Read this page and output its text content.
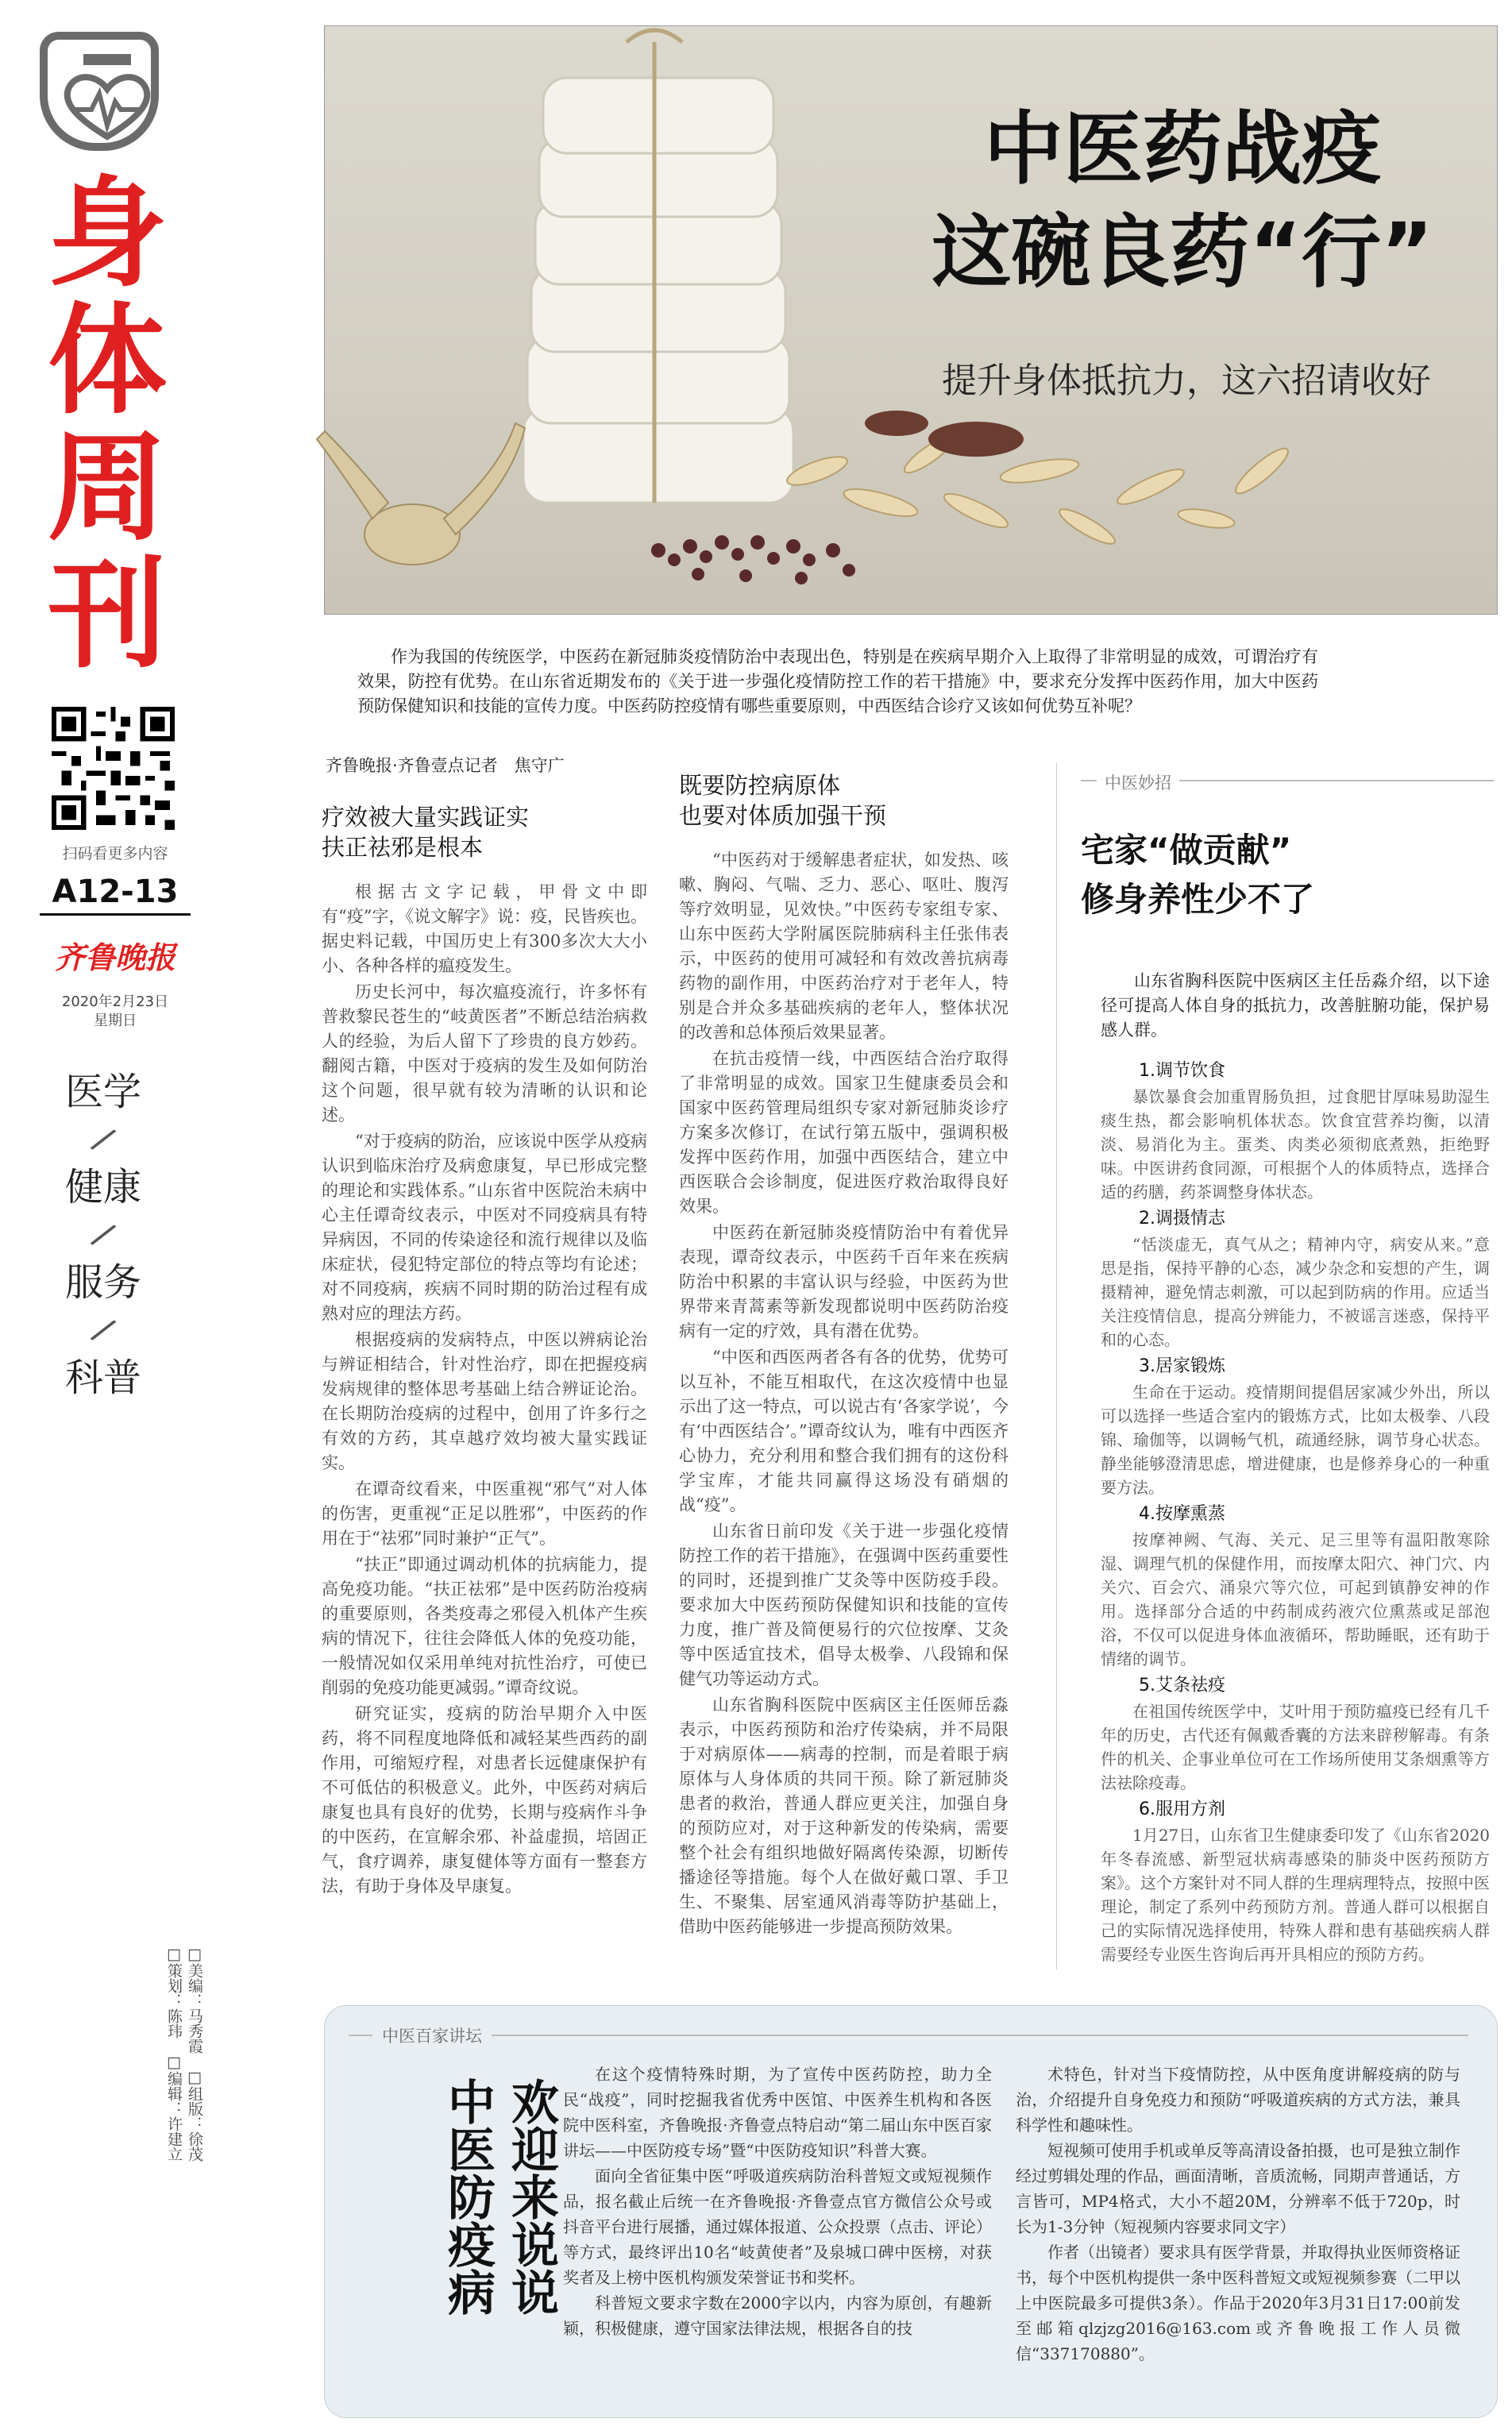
身
体
周
刊
扫码看更多内容
A12-13
齐鲁晚报
2020年2月23日
星期日
医学
/
健康
/
服务
/
科普
□美编：马秀霞　□组版：徐茂　□策划：陈玮　□编辑：许建立
中医药战疫
这碗良药“行”
提升身体抵抗力，这六招请收好
作为我国的传统医学，中医药在新冠肺炎疫情防治中表现出色，特别是在疾病早期介入上取得了非常明显的成效，可谓治疗有效果，防控有优势。在山东省近期发布的《关于进一步强化疫情防控工作的若干措施》中，要求充分发挥中医药作用，加大中医药预防保健知识和技能的宣传力度。中医药防控疫情有哪些重要原则，中西医结合诊疗又该如何优势互补呢？
齐鲁晚报·齐鲁壹点记者　焦守广
疗效被大量实践证实
扶正祛邪是根本

根据古文字记载，甲骨文中即有“疫”字，《说文解字》说：疫，民皆疾也。据史料记载，中国历史上有300多次大大小小、各种各样的瘟疫发生。

历史长河中，每次瘟疫流行，许多怀有普救黎民苍生的“岐黄医者”不断总结治病救人的经验，为后人留下了珍贵的良方妙药。翻阅古籍，中医对于疫病的发生及如何防治这个问题，很早就有较为清晰的认识和论述。

“对于疫病的防治，应该说中医学从疫病认识到临床治疗及病愈康复，早已形成完整的理论和实践体系。”山东省中医院治未病中心主任谭奇纹表示，中医对不同疫病具有特异病因，不同的传染途径和流行规律以及临床症状，侵犯特定部位的特点等均有论述；对不同疫病，疾病不同时期的防治过程有成熟对应的理法方药。

根据疫病的发病特点，中医以辨病论治与辨证相结合，针对性治疗，即在把握疫病发病规律的整体思考基础上结合辨证论治。在长期防治疫病的过程中，创用了许多行之有效的方药，其卓越疗效均被大量实践证实。

在谭奇纹看来，中医重视“邪气”对人体的伤害，更重视“正足以胜邪”，中医药的作用在于“祛邪”同时兼护“正气”。

“扶正”即通过调动机体的抗病能力，提高免疫功能。“扶正祛邪”是中医药防治疫病的重要原则，各类疫毒之邪侵入机体产生疾病的情况下，往往会降低人体的免疫功能，一般情况如仅采用单纯对抗性治疗，可使已削弱的免疫功能更减弱。”谭奇纹说。

研究证实，疫病的防治早期介入中医药，将不同程度地降低和减轻某些西药的副作用，可缩短疗程，对患者长远健康保护有不可低估的积极意义。此外，中医药对病后康复也具有良好的优势，长期与疫病作斗争的中医药，在宣解余邪、补益虚损，培固正气，食疗调养，康复健体等方面有一整套方法，有助于身体及早康复。

既要防控病原体
也要对体质加强干预

“中医药对于缓解患者症状，如发热、咳嗽、胸闷、气喘、乏力、恶心、呕吐、腹泻等疗效明显，见效快。”中医药专家组专家、山东中医药大学附属医院肺病科主任张伟表示，中医药的使用可减轻和有效改善抗病毒药物的副作用，中医药治疗对于老年人，特别是合并众多基础疾病的老年人，整体状况的改善和总体预后效果显著。

在抗击疫情一线，中西医结合治疗取得了非常明显的成效。国家卫生健康委员会和国家中医药管理局组织专家对新冠肺炎诊疗方案多次修订，在试行第五版中，强调积极发挥中医药作用，加强中西医结合，建立中西医联合会诊制度，促进医疗救治取得良好效果。

中医药在新冠肺炎疫情防治中有着优异表现，谭奇纹表示，中医药千百年来在疾病防治中积累的丰富认识与经验，中医药为世界带来青蒿素等新发现都说明中医药防治疫病有一定的疗效，具有潜在优势。

“中医和西医两者各有各的优势，优势可以互补，不能互相取代，在这次疫情中也显示出了这一特点，可以说古有‘各家学说’，今有‘中西医结合’。”谭奇纹认为，唯有中西医齐心协力，充分利用和整合我们拥有的这份科学宝库，才能共同赢得这场没有硝烟的战“疫”。

山东省日前印发《关于进一步强化疫情防控工作的若干措施》，在强调中医药重要性的同时，还提到推广艾灸等中医防疫手段。要求加大中医药预防保健知识和技能的宣传力度，推广普及简便易行的穴位按摩、艾灸等中医适宜技术，倡导太极拳、八段锦和保健气功等运动方式。

山东省胸科医院中医病区主任医师岳淼表示，中医药预防和治疗传染病，并不局限于对病原体——病毒的控制，而是着眼于病原体与人身体质的共同干预。除了新冠肺炎患者的救治，普通人群应更关注，加强自身的预防应对，对于这种新发的传染病，需要整个社会有组织地做好隔离传染源，切断传播途径等措施。每个人在做好戴口罩、手卫生、不聚集、居室通风消毒等防护基础上，借助中医药能够进一步提高预防效果。

中医妙招
宅家“做贡献”
修身养性少不了
山东省胸科医院中医病区主任岳淼介绍，以下途径可提高人体自身的抵抗力，改善脏腑功能，保护易感人群。
1.调节饮食

暴饮暴食会加重胃肠负担，过食肥甘厚味易助湿生痰生热，都会影响机体状态。饮食宜营养均衡，以清淡、易消化为主。蛋类、肉类必须彻底煮熟，拒绝野味。中医讲药食同源，可根据个人的体质特点，选择合适的药膳，药茶调整身体状态。

2.调摄情志

“恬淡虚无，真气从之；精神内守，病安从来。”意思是指，保持平静的心态，减少杂念和妄想的产生，调摄精神，避免情志刺激，可以起到防病的作用。应适当关注疫情信息，提高分辨能力，不被谣言迷惑，保持平和的心态。

3.居家锻炼

生命在于运动。疫情期间提倡居家减少外出，所以可以选择一些适合室内的锻炼方式，比如太极拳、八段锦、瑜伽等，以调畅气机，疏通经脉，调节身心状态。静坐能够澄清思虑，增进健康，也是修养身心的一种重要方法。

4.按摩熏蒸

按摩神阙、气海、关元、足三里等有温阳散寒除湿、调理气机的保健作用，而按摩太阳穴、神门穴、内关穴、百会穴、涌泉穴等穴位，可起到镇静安神的作用。选择部分合适的中药制成药液穴位熏蒸或足部泡浴，不仅可以促进身体血液循环，帮助睡眠，还有助于情绪的调节。

5.艾条祛疫

在祖国传统医学中，艾叶用于预防瘟疫已经有几千年的历史，古代还有佩戴香囊的方法来辟秽解毒。有条件的机关、企事业单位可在工作场所使用艾条烟熏等方法祛除疫毒。

6.服用方剂

1月27日，山东省卫生健康委印发了《山东省2020年冬春流感、新型冠状病毒感染的肺炎中医药预防方案》。这个方案针对不同人群的生理病理特点，按照中医理论，制定了系列中药预防方剂。普通人群可以根据自己的实际情况选择使用，特殊人群和患有基础疾病人群需要经专业医生咨询后再开具相应的预防方药。

中医百家讲坛
欢迎来说说
中医防疫病

在这个疫情特殊时期，为了宣传中医药防控，助力全民“战疫”，同时挖掘我省优秀中医馆、中医养生机构和各医院中医科室，齐鲁晚报·齐鲁壹点特启动“第二届山东中医百家讲坛——中医防疫专场”暨“中医防疫知识”科普大赛。

面向全省征集中医“呼吸道疾病防治科普短文或短视频作品，报名截止后统一在齐鲁晚报·齐鲁壹点官方微信公众号或抖音平台进行展播，通过媒体报道、公众投票（点击、评论）等方式，最终评出10名“岐黄使者”及泉城口碑中医榜，对获奖者及上榜中医机构颁发荣誉证书和奖杯。

科普短文要求字数在2000字以内，内容为原创，有趣新颖，积极健康，遵守国家法律法规，根据各自的技

术特色，针对当下疫情防控，从中医角度讲解疫病的防与治，介绍提升自身免疫力和预防“呼吸道疾病的方式方法，兼具科学性和趣味性。

短视频可使用手机或单反等高清设备拍摄，也可是独立制作经过剪辑处理的作品，画面清晰，音质流畅，同期声普通话，方言皆可，MP4格式，大小不超20M，分辨率不低于720p，时长为1-3分钟（短视频内容要求同文字）

作者（出镜者）要求具有医学背景，并取得执业医师资格证书，每个中医机构提供一条中医科普短文或短视频参赛（二甲以上中医院最多可提供3条）。作品于2020年3月31日17:00前发至邮箱qlzjzg2016@163.com或齐鲁晚报工作人员微信“337170880”。
